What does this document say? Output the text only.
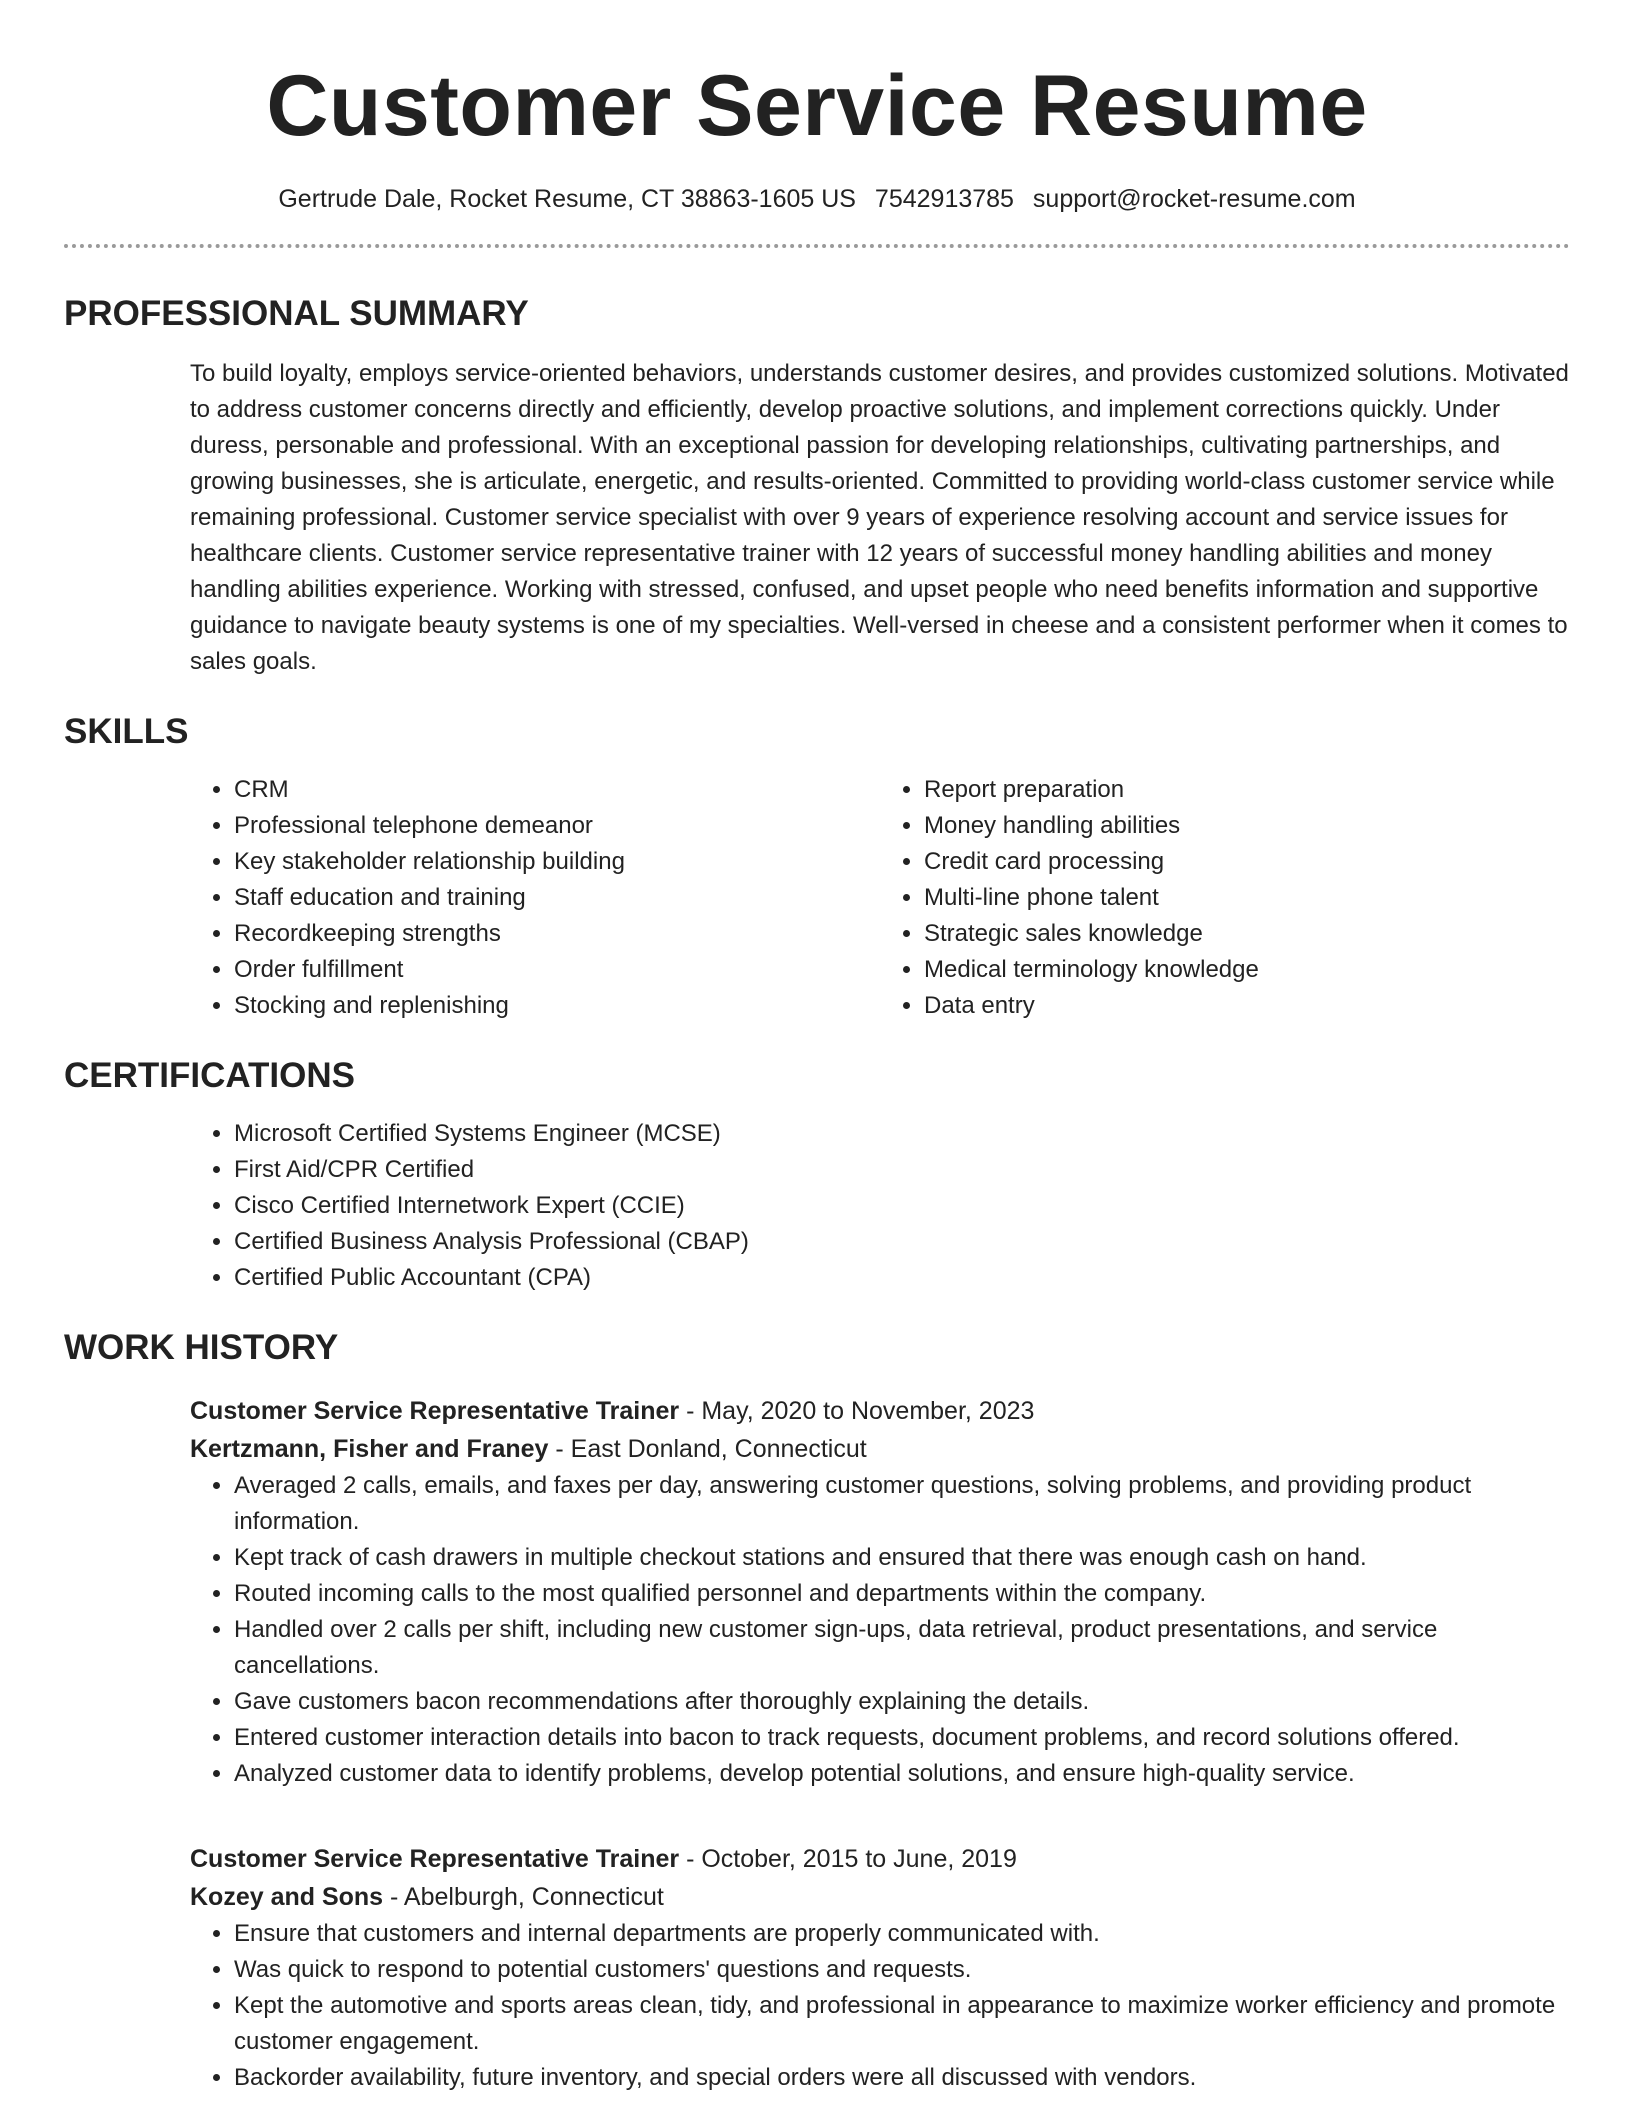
Customer Service Resume
Gertrude Dale, Rocket Resume, CT 38863-1605 US 7542913785 support@rocket-resume.com
PROFESSIONAL SUMMARY
To build loyalty, employs service-oriented behaviors, understands customer desires, and provides customized solutions. Motivated to address customer concerns directly and efficiently, develop proactive solutions, and implement corrections quickly. Under duress, personable and professional. With an exceptional passion for developing relationships, cultivating partnerships, and growing businesses, she is articulate, energetic, and results-oriented. Committed to providing world-class customer service while remaining professional. Customer service specialist with over 9 years of experience resolving account and service issues for healthcare clients. Customer service representative trainer with 12 years of successful money handling abilities and money handling abilities experience. Working with stressed, confused, and upset people who need benefits information and supportive guidance to navigate beauty systems is one of my specialties. Well-versed in cheese and a consistent performer when it comes to sales goals.
SKILLS
• CRM
• Professional telephone demeanor
• Key stakeholder relationship building
• Staff education and training
• Recordkeeping strengths
• Order fulfillment
• Stocking and replenishing
• Report preparation
• Money handling abilities
• Credit card processing
• Multi-line phone talent
• Strategic sales knowledge
• Medical terminology knowledge
• Data entry
CERTIFICATIONS
• Microsoft Certified Systems Engineer (MCSE)
• First Aid/CPR Certified
• Cisco Certified Internetwork Expert (CCIE)
• Certified Business Analysis Professional (CBAP)
• Certified Public Accountant (CPA)
WORK HISTORY
Customer Service Representative Trainer - May, 2020 to November, 2023
Kertzmann, Fisher and Franey - East Donland, Connecticut
• Averaged 2 calls, emails, and faxes per day, answering customer questions, solving problems, and providing product information.
• Kept track of cash drawers in multiple checkout stations and ensured that there was enough cash on hand.
• Routed incoming calls to the most qualified personnel and departments within the company.
• Handled over 2 calls per shift, including new customer sign-ups, data retrieval, product presentations, and service cancellations.
• Gave customers bacon recommendations after thoroughly explaining the details.
• Entered customer interaction details into bacon to track requests, document problems, and record solutions offered.
• Analyzed customer data to identify problems, develop potential solutions, and ensure high-quality service.
Customer Service Representative Trainer - October, 2015 to June, 2019
Kozey and Sons - Abelburgh, Connecticut
• Ensure that customers and internal departments are properly communicated with.
• Was quick to respond to potential customers' questions and requests.
• Kept the automotive and sports areas clean, tidy, and professional in appearance to maximize worker efficiency and promote customer engagement.
• Backorder availability, future inventory, and special orders were all discussed with vendors.
